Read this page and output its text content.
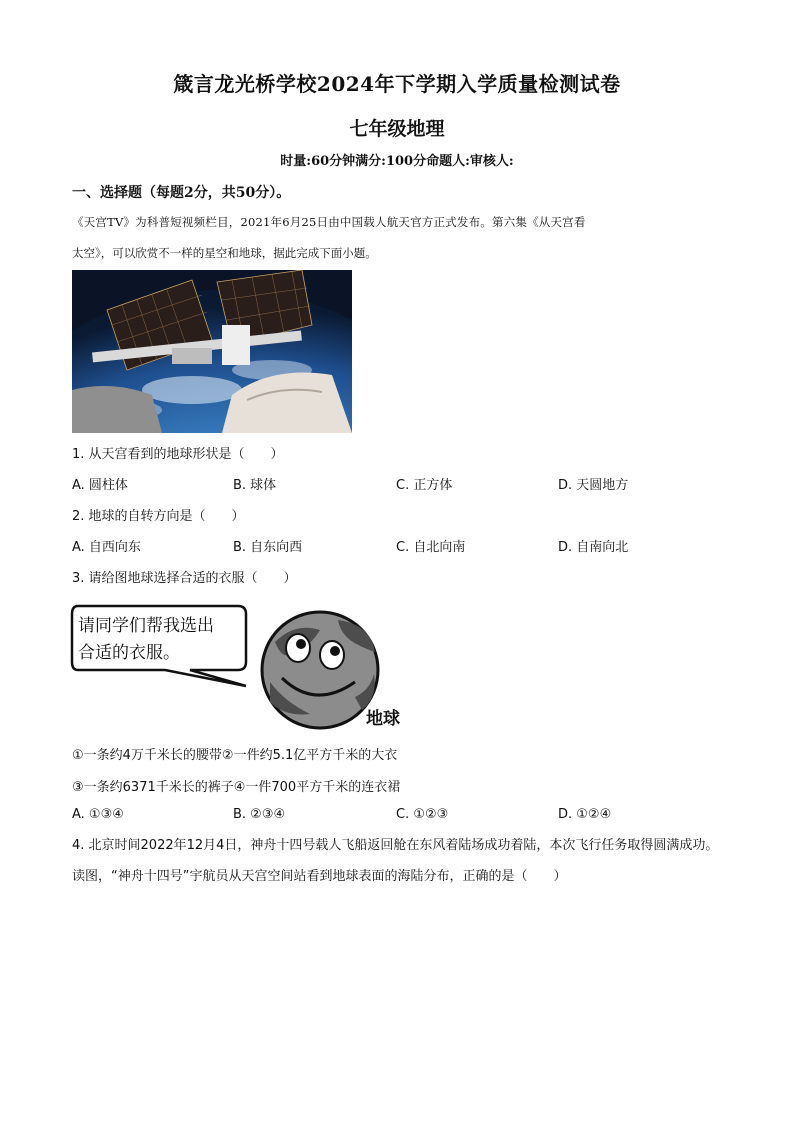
箴言龙光桥学校2024年下学期入学质量检测试卷
七年级地理
时量:60分钟满分:100分命题人:审核人:
一、选择题（每题2分，共50分）。
《天宫TV》为科普短视频栏目，2021年6月25日由中国载人航天官方正式发布。第六集《从天宫看
太空》，可以欣赏不一样的星空和地球，据此完成下面小题。
1. 从天宫看到的地球形状是（　　）
A. 圆柱体	B. 球体	C. 正方体	D. 天圆地方
2. 地球的自转方向是（　　）
A. 自西向东	B. 自东向西	C. 自北向南	D. 自南向北
3. 请给图地球选择合适的衣服（　　）
请同学们帮我选出
合适的衣服。
地球
①一条约4万千米长的腰带②一件约5.1亿平方千米的大衣
③一条约6371千米长的裤子④一件700平方千米的连衣裙
A. ①③④	B. ②③④	C. ①②③	D. ①②④
4. 北京时间2022年12月4日，神舟十四号载人飞船返回舱在东风着陆场成功着陆，本次飞行任务取得圆满成功。读图，“神舟十四号”宇航员从天宫空间站看到地球表面的海陆分布，正确的是（　　）
